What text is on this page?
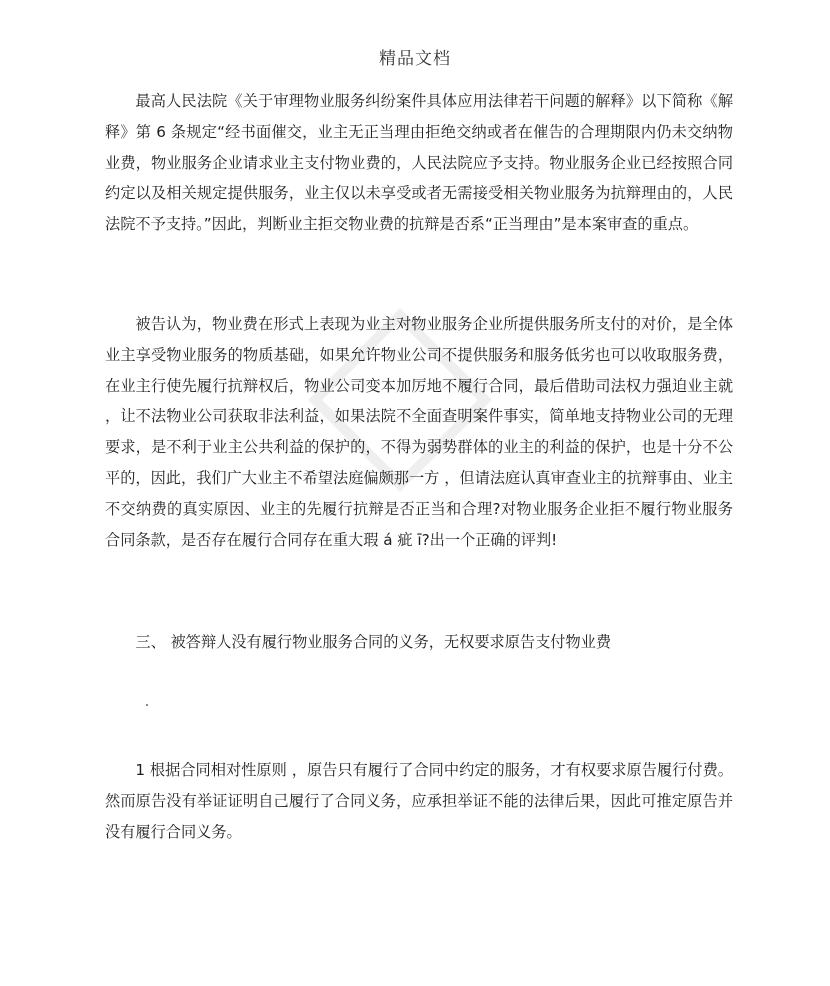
精品文档

最高人民法院《关于审理物业服务纠纷案件具体应用法律若干问题的解释》以下简称《解释》第 6 条规定“经书面催交，业主无正当理由拒绝交纳或者在催告的合理期限内仍未交纳物业费，物业服务企业请求业主支付物业费的，人民法院应予支持。物业服务企业已经按照合同约定以及相关规定提供服务，业主仅以未享受或者无需接受相关物业服务为抗辩理由的，人民法院不予支持。”因此，判断业主拒交物业费的抗辩是否系“正当理由”是本案审查的重点。

被告认为，物业费在形式上表现为业主对物业服务企业所提供服务所支付的对价，是全体业主享受物业服务的物质基础，如果允许物业公司不提供服务和服务低劣也可以收取服务费，在业主行使先履行抗辩权后，物业公司变本加厉地不履行合同，最后借助司法权力强迫业主就 ，让不法物业公司获取非法利益，如果法院不全面查明案件事实，简单地支持物业公司的无理要求，是不利于业主公共利益的保护的，不得为弱势群体的业主的利益的保护，也是十分不公平的，因此，我们广大业主不希望法庭偏颇那一方 ，但请法庭认真审查业主的抗辩事由、业主不交纳费的真实原因、业主的先履行抗辩是否正当和合理?对物业服务企业拒不履行物业服务合同条款，是否存在履行合同存在重大瑕 á 疵 ī?出一个正确的评判!

三、 被答辩人没有履行物业服务合同的义务，无权要求原告支付物业费

1 根据合同相对性原则 ，原告只有履行了合同中约定的服务，才有权要求原告履行付费。 然而原告没有举证证明自己履行了合同义务，应承担举证不能的法律后果，因此可推定原告并没有履行合同义务。
